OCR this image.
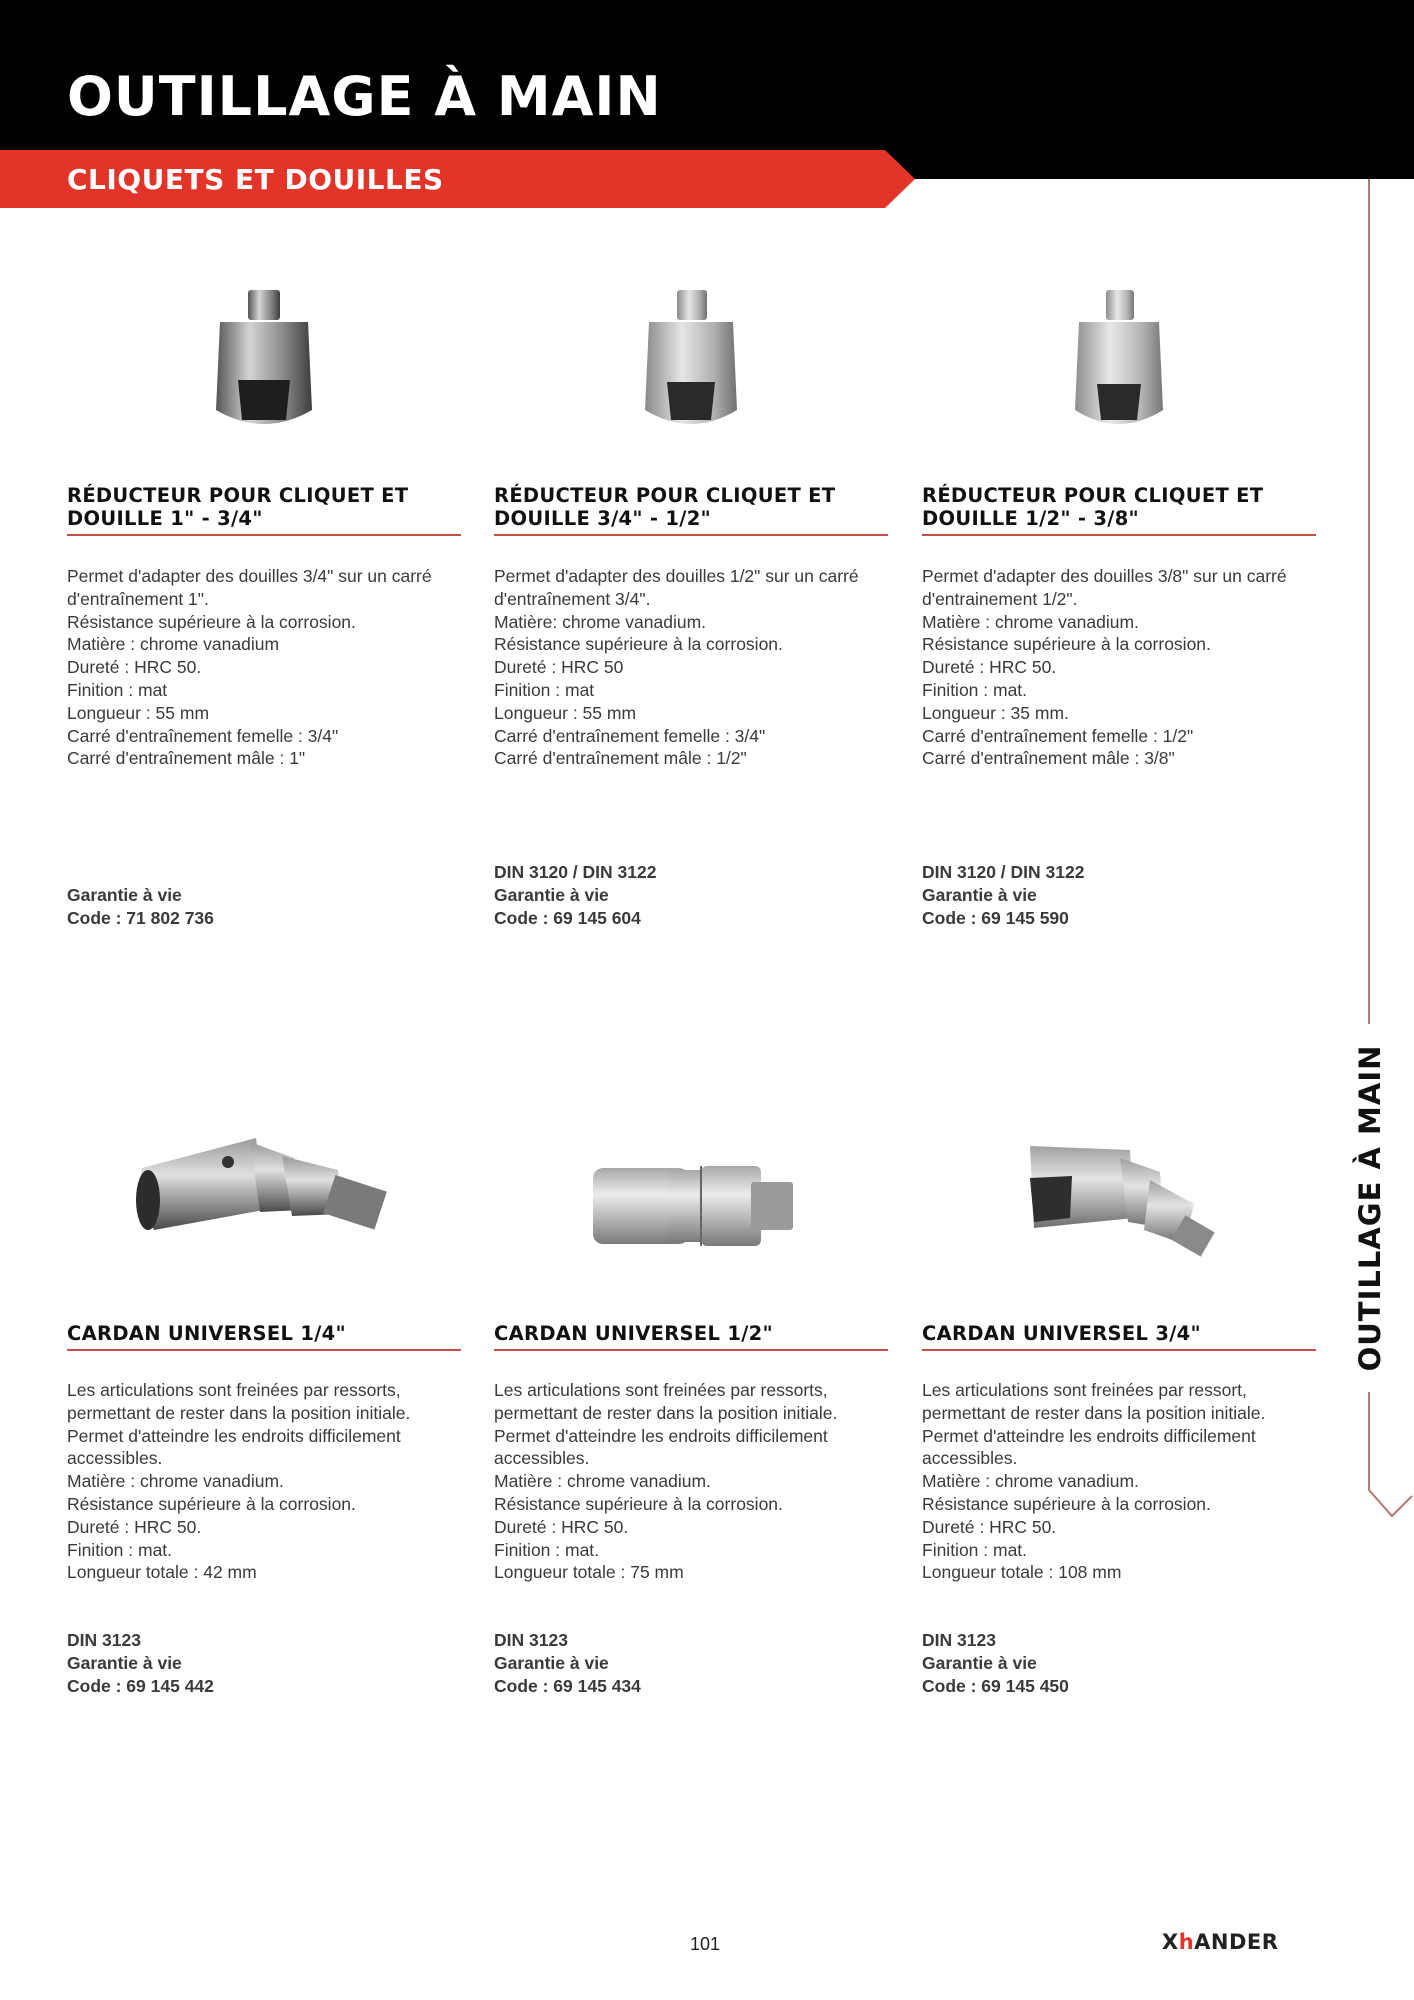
OUTILLAGE À MAIN
CLIQUETS ET DOUILLES
OUTILLAGE À MAIN
RÉDUCTEUR POUR CLIQUET ET DOUILLE 1" - 3/4"
Permet d'adapter des douilles 3/4" sur un carré
d'entraînement 1".
Résistance supérieure à la corrosion.
Matière : chrome vanadium
Dureté : HRC 50.
Finition : mat
Longueur : 55 mm
Carré d'entraînement femelle : 3/4"
Carré d'entraînement mâle : 1"
Garantie à vie
Code : 71 802 736
RÉDUCTEUR POUR CLIQUET ET DOUILLE 3/4" - 1/2"
Permet d'adapter des douilles 1/2" sur un carré
d'entraînement 3/4".
Matière: chrome vanadium.
Résistance supérieure à la corrosion.
Dureté : HRC 50
Finition : mat
Longueur : 55 mm
Carré d'entraînement femelle : 3/4"
Carré d'entraînement mâle : 1/2"
DIN 3120 / DIN 3122
Garantie à vie
Code : 69 145 604
RÉDUCTEUR POUR CLIQUET ET DOUILLE 1/2" - 3/8"
Permet d'adapter des douilles 3/8" sur un carré
d'entrainement 1/2".
Matière : chrome vanadium.
Résistance supérieure à la corrosion.
Dureté : HRC 50.
Finition : mat.
Longueur : 35 mm.
Carré d'entraînement femelle : 1/2"
Carré d'entraînement mâle : 3/8"
DIN 3120 / DIN 3122
Garantie à vie
Code : 69 145 590
CARDAN UNIVERSEL 1/4"
Les articulations sont freinées par ressorts,
permettant de rester dans la position initiale.
Permet d'atteindre les endroits difficilement
accessibles.
Matière : chrome vanadium.
Résistance supérieure à la corrosion.
Dureté : HRC 50.
Finition : mat.
Longueur totale : 42 mm
DIN 3123
Garantie à vie
Code : 69 145 442
CARDAN UNIVERSEL 1/2"
Les articulations sont freinées par ressorts,
permettant de rester dans la position initiale.
Permet d'atteindre les endroits difficilement
accessibles.
Matière : chrome vanadium.
Résistance supérieure à la corrosion.
Dureté : HRC 50.
Finition : mat.
Longueur totale : 75 mm
DIN 3123
Garantie à vie
Code : 69 145 434
CARDAN UNIVERSEL 3/4"
Les articulations sont freinées par ressort,
permettant de rester dans la position initiale.
Permet d'atteindre les endroits difficilement
accessibles.
Matière : chrome vanadium.
Résistance supérieure à la corrosion.
Dureté : HRC 50.
Finition : mat.
Longueur totale : 108 mm
DIN 3123
Garantie à vie
Code : 69 145 450
101	XhANDER
